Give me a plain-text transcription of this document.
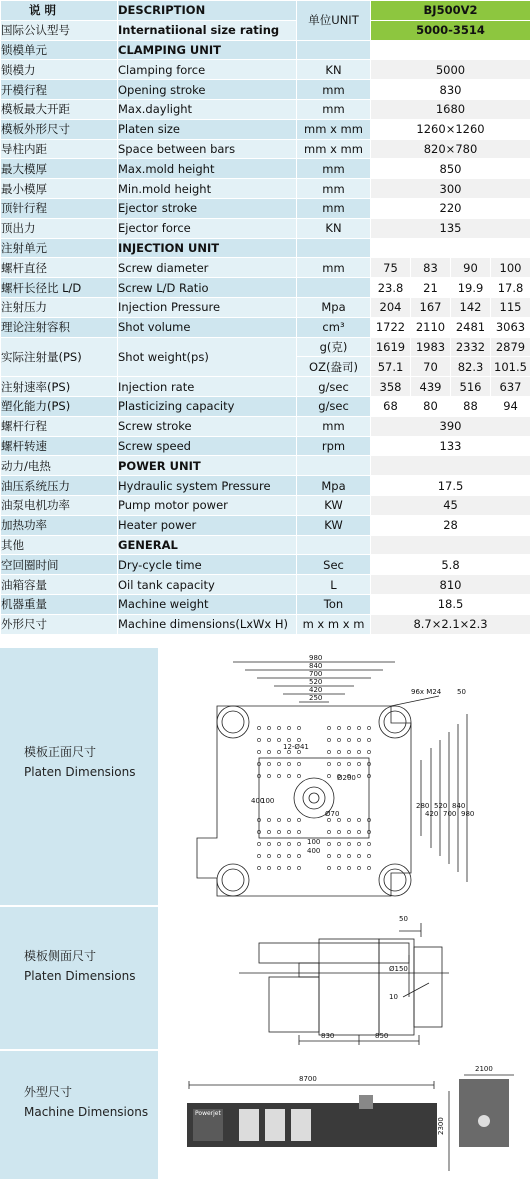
说 明	DESCRIPTION	单位UNIT	BJ500V2			
国际公认型号	Internatiional size rating		5000-3514			
锁模单元	CLAMPING UNIT					
锁模力	Clamping force	KN	5000			
开模行程	Opening stroke	mm	830			
模板最大开距	Max.daylight	mm	1680			
模板外形尺寸	Platen size	mm x mm	1260×1260			
导柱内距	Space between bars	mm x mm	820×780			
最大模厚	Max.mold height	mm	850			
最小模厚	Min.mold height	mm	300			
顶针行程	Ejector stroke	mm	220			
顶出力	Ejector force	KN	135			
注射单元	INJECTION UNIT					
螺杆直径	Screw diameter	mm	75	83	90	100
螺杆长径比 L/D	Screw L/D Ratio		23.8	21	19.9	17.8
注射压力	Injection Pressure	Mpa	204	167	142	115
理论注射容积	Shot volume	cm³	1722	2110	2481	3063
实际注射量(PS)	Shot weight(ps)	g(克)	1619	1983	2332	2879
		OZ(盎司)	57.1	70	82.3	101.5
注射速率(PS)	Injection rate	g/sec	358	439	516	637
塑化能力(PS)	Plasticizing capacity	g/sec	68	80	88	94
螺杆行程	Screw stroke	mm	390			
螺杆转速	Screw speed	rpm	133			
动力/电热	POWER UNIT					
油压系统压力	Hydraulic system Pressure	Mpa	17.5			
油泵电机功率	Pump motor power	KW	45			
加热功率	Heater power	KW	28			
其他	GENERAL					
空回圈时间	Dry-cycle time	Sec	5.8			
油箱容量	Oil tank capacity	L	810			
机器重量	Machine weight	Ton	18.5			
外形尺寸	Machine dimensions(LxWx H)	m x m x m	8.7×2.1×2.3			
模板正面尺寸
Platen Dimensions
980
840
700
520
420
250
96x M24 50
12-Ø41
Ø200
Ø70
100
400
400
100
280
420
520
700
840
980
模板侧面尺寸
Platen Dimensions
50
Ø150
10
830	850
外型尺寸
Machine Dimensions	Powerjet
8700
2100
2300
